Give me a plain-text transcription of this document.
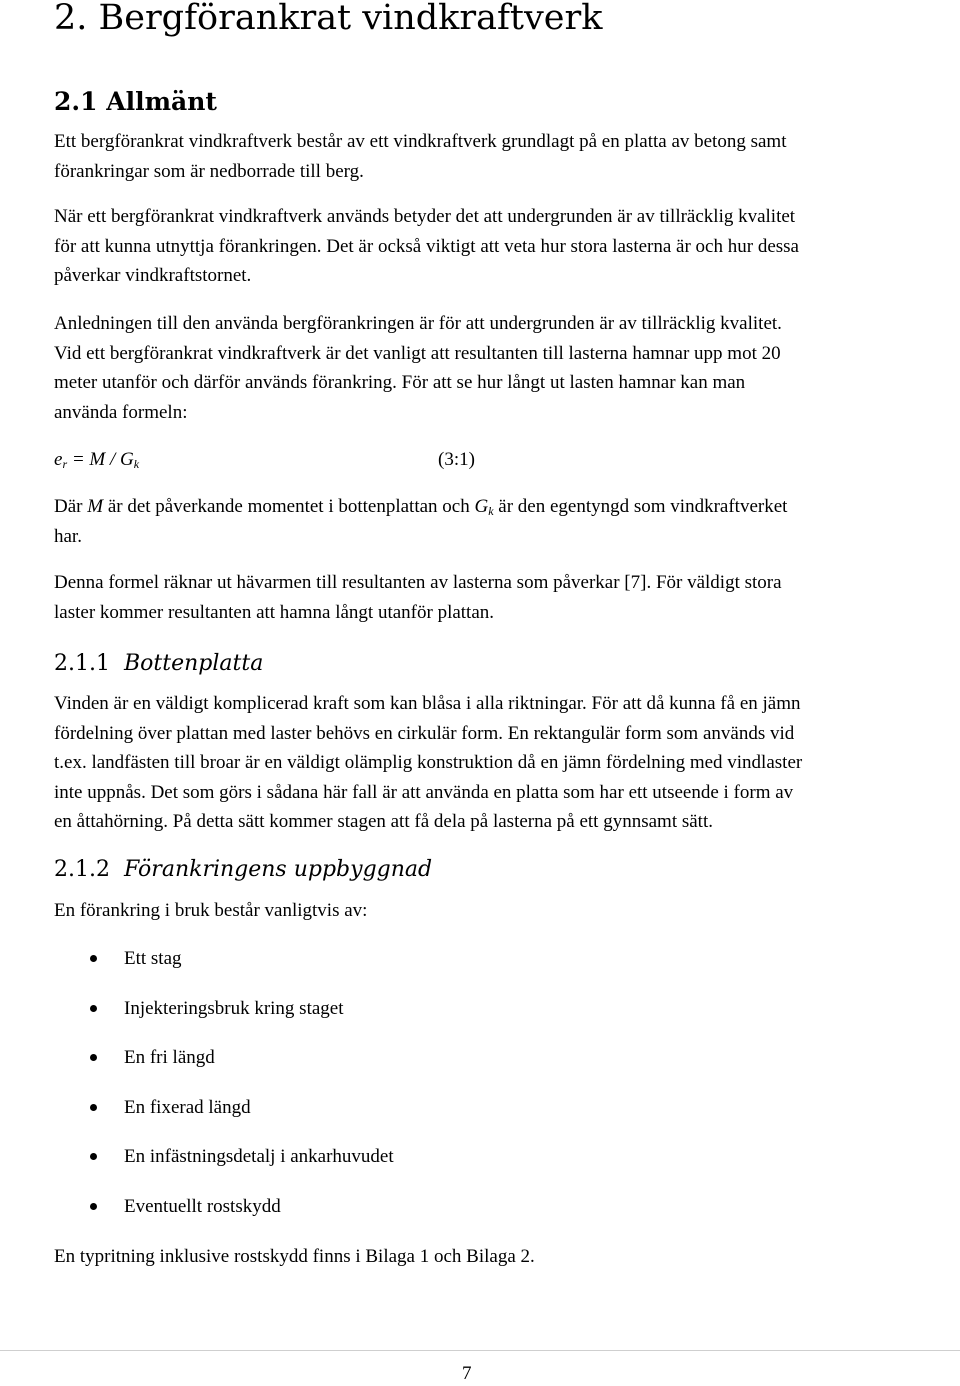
2. Bergförankrat vindkraftverk
2.1 Allmänt
Ett bergförankrat vindkraftverk består av ett vindkraftverk grundlagt på en platta av betong samt
förankringar som är nedborrade till berg.
När ett bergförankrat vindkraftverk används betyder det att undergrunden är av tillräcklig kvalitet
för att kunna utnyttja förankringen. Det är också viktigt att veta hur stora lasterna är och hur dessa
påverkar vindkraftstornet.
Anledningen till den använda bergförankringen är för att undergrunden är av tillräcklig kvalitet.
Vid ett bergförankrat vindkraftverk är det vanligt att resultanten till lasterna hamnar upp mot 20
meter utanför och därför används förankring. För att se hur långt ut lasten hamnar kan man
använda formeln:
$e_r = M / G_k$	(3:1)
Där M är det påverkande momentet i bottenplattan och $G_k$ är den egentyngd som vindkraftverket
har.
Denna formel räknar ut hävarmen till resultanten av lasterna som påverkar [7]. För väldigt stora
laster kommer resultanten att hamna långt utanför plattan.
2.1.1 Bottenplatta
Vinden är en väldigt komplicerad kraft som kan blåsa i alla riktningar. För att då kunna få en jämn
fördelning över plattan med laster behövs en cirkulär form. En rektangulär form som används vid
t.ex. landfästen till broar är en väldigt olämplig konstruktion då en jämn fördelning med vindlaster
inte uppnås. Det som görs i sådana här fall är att använda en platta som har ett utseende i form av
en åttahörning. På detta sätt kommer stagen att få dela på lasterna på ett gynnsamt sätt.
2.1.2 Förankringens uppbyggnad
En förankring i bruk består vanligtvis av:
Ett stag
Injekteringsbruk kring staget
En fri längd
En fixerad längd
En infästningsdetalj i ankarhuvudet
Eventuellt rostskydd
En typritning inklusive rostskydd finns i Bilaga 1 och Bilaga 2.
7
